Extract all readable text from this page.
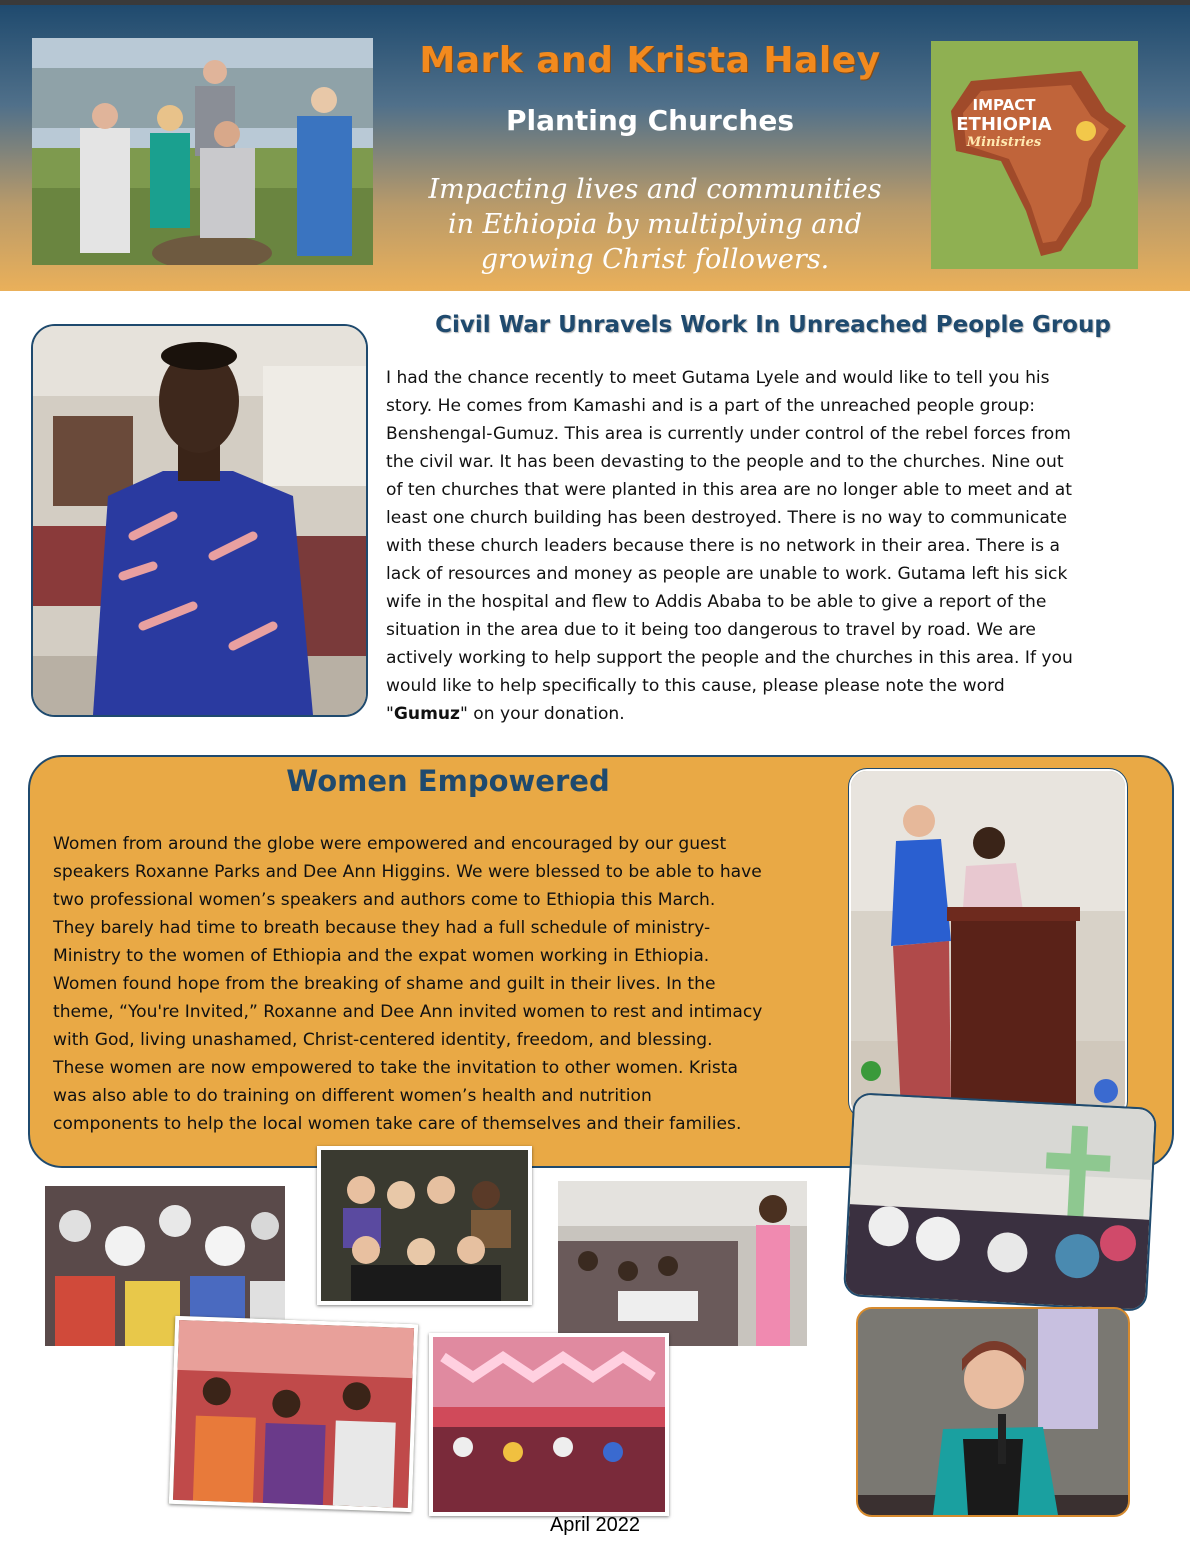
Mark and Krista Haley
Planting Churches
Impacting lives and communities
in Ethiopia by multiplying and
growing Christ followers.
IMPACT
ETHIOPIA
Ministries
Civil War Unravels Work In Unreached People Group
I had the chance recently to meet Gutama Lyele and would like to tell you his
story. He comes from Kamashi and is a part of the unreached people group:
Benshengal-Gumuz. This area is currently under control of the rebel forces from
the civil war. It has been devasting to the people and to the churches. Nine out
of ten churches that were planted in this area are no longer able to meet and at
least one church building has been destroyed. There is no way to communicate
with these church leaders because there is no network in their area. There is a
lack of resources and money as people are unable to work. Gutama left his sick
wife in the hospital and flew to Addis Ababa to be able to give a report of the
situation in the area due to it being too dangerous to travel by road. We are
actively working to help support the people and the churches in this area. If you
would like to help specifically to this cause, please please note the word
"Gumuz" on your donation.
Women Empowered
Women from around the globe were empowered and encouraged by our guest
speakers Roxanne Parks and Dee Ann Higgins. We were blessed to be able to have
two professional women’s speakers and authors come to Ethiopia this March.
They barely had time to breath because they had a full schedule of ministry-
Ministry to the women of Ethiopia and the expat women working in Ethiopia.
Women found hope from the breaking of shame and guilt in their lives. In the
theme, “You're Invited,” Roxanne and Dee Ann invited women to rest and intimacy
with God, living unashamed, Christ-centered identity, freedom, and blessing.
These women are now empowered to take the invitation to other women. Krista
was also able to do training on different women’s health and nutrition
components to help the local women take care of themselves and their families.
April 2022
